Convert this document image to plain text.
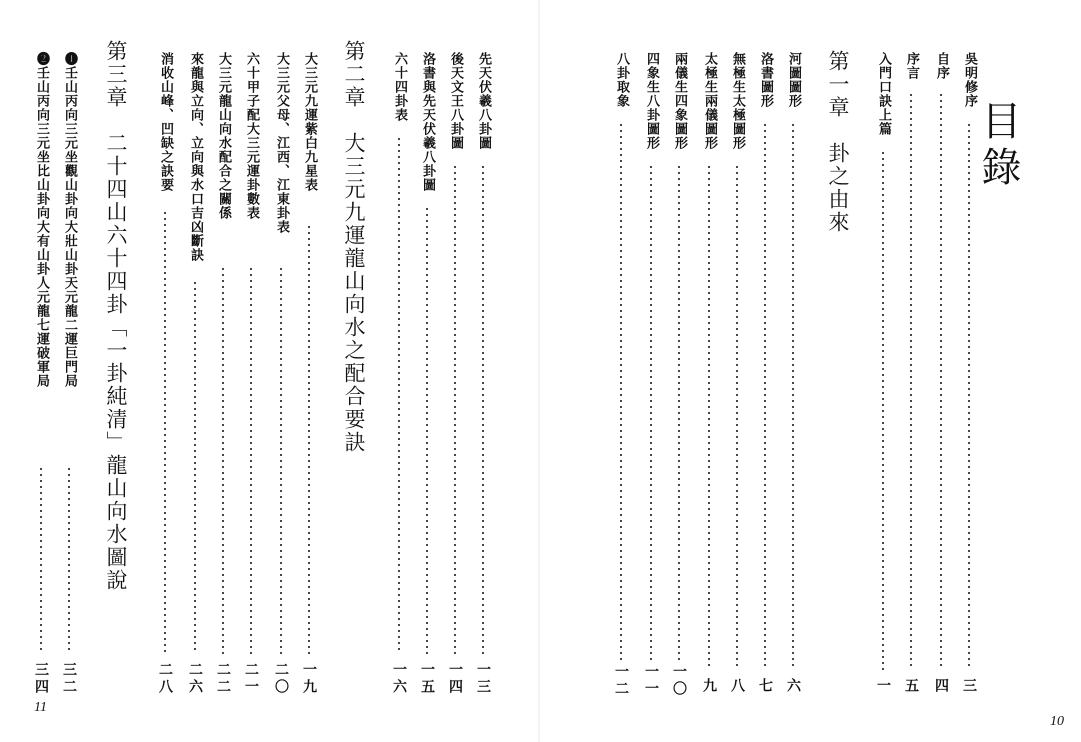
目錄
吳明修序
三
自序
四
序言
五
入門口訣上篇
一
第一章　卦之由來
河圖圖形
六
洛書圖形
七
無極生太極圖形
八
太極生兩儀圖形
九
兩儀生四象圖形
一〇
四象生八卦圖形
一一
八卦取象
一二
先天伏羲八卦圖
一三
後天文王八卦圖
一四
洛書與先天伏羲八卦圖
一五
六十四卦表
一六
第二章　大三元九運龍山向水之配合要訣
大三元九運紫白九星表
一九
大三元父母、江西、江東卦表
二〇
六十甲子配大三元運卦數表
二一
大三元龍山向水配合之關係
二二
來龍與立向、立向與水口吉凶斷訣
二六
消收山峰、凹缺之訣要
二八
第三章　二十四山六十四卦「一卦純清」龍山向水圖說
❶壬山丙向三元坐觀山卦向大壯山卦天元龍二運巨門局
三二
❷壬山丙向三元坐比山卦向大有山卦人元龍七運破軍局
三四
11
10
